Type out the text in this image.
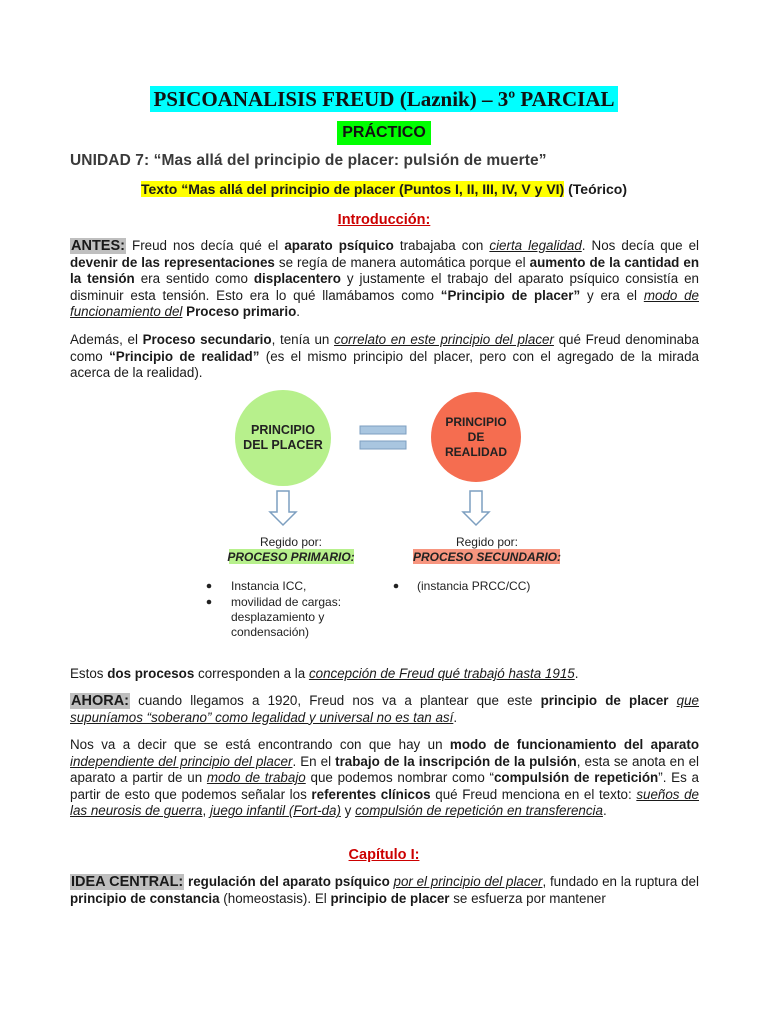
PSICOANALISIS FREUD (Laznik) – 3º PARCIAL
PRÁCTICO
UNIDAD 7: “Mas allá del principio de placer: pulsión de muerte”
Texto “Mas allá del principio de placer (Puntos I, II, III, IV, V y VI) (Teórico)
Introducción:
ANTES: Freud nos decía qué el aparato psíquico trabajaba con cierta legalidad. Nos decía que el devenir de las representaciones se regía de manera automática porque el aumento de la cantidad en la tensión era sentido como displacentero y justamente el trabajo del aparato psíquico consistía en disminuir esta tensión. Esto era lo qué llamábamos como “Principio de placer” y era el modo de funcionamiento del Proceso primario.
Además, el Proceso secundario, tenía un correlato en este principio del placer qué Freud denominaba como “Principio de realidad” (es el mismo principio del placer, pero con el agregado de la mirada acerca de la realidad).
PRINCIPIO
DEL PLACER
PRINCIPIO
DE
REALIDAD
Regido por:
PROCESO PRIMARIO:
Regido por:
PROCESO SECUNDARIO:
Instancia ICC,
movilidad de cargas:
desplazamiento y
condensación)
(instancia PRCC/CC)
Estos dos procesos corresponden a la concepción de Freud qué trabajó hasta 1915.
AHORA: cuando llegamos a 1920, Freud nos va a plantear que este principio de placer que supuníamos “soberano” como legalidad y universal no es tan así.
Nos va a decir que se está encontrando con que hay un modo de funcionamiento del aparato independiente del principio del placer. En el trabajo de la inscripción de la pulsión, esta se anota en el aparato a partir de un modo de trabajo que podemos nombrar como “compulsión de repetición”. Es a partir de esto que podemos señalar los referentes clínicos qué Freud menciona en el texto: sueños de las neurosis de guerra, juego infantil (Fort-da) y compulsión de repetición en transferencia.
Capítulo I:
IDEA CENTRAL: regulación del aparato psíquico por el principio del placer, fundado en la ruptura del principio de constancia (homeostasis). El principio de placer se esfuerza por mantener
